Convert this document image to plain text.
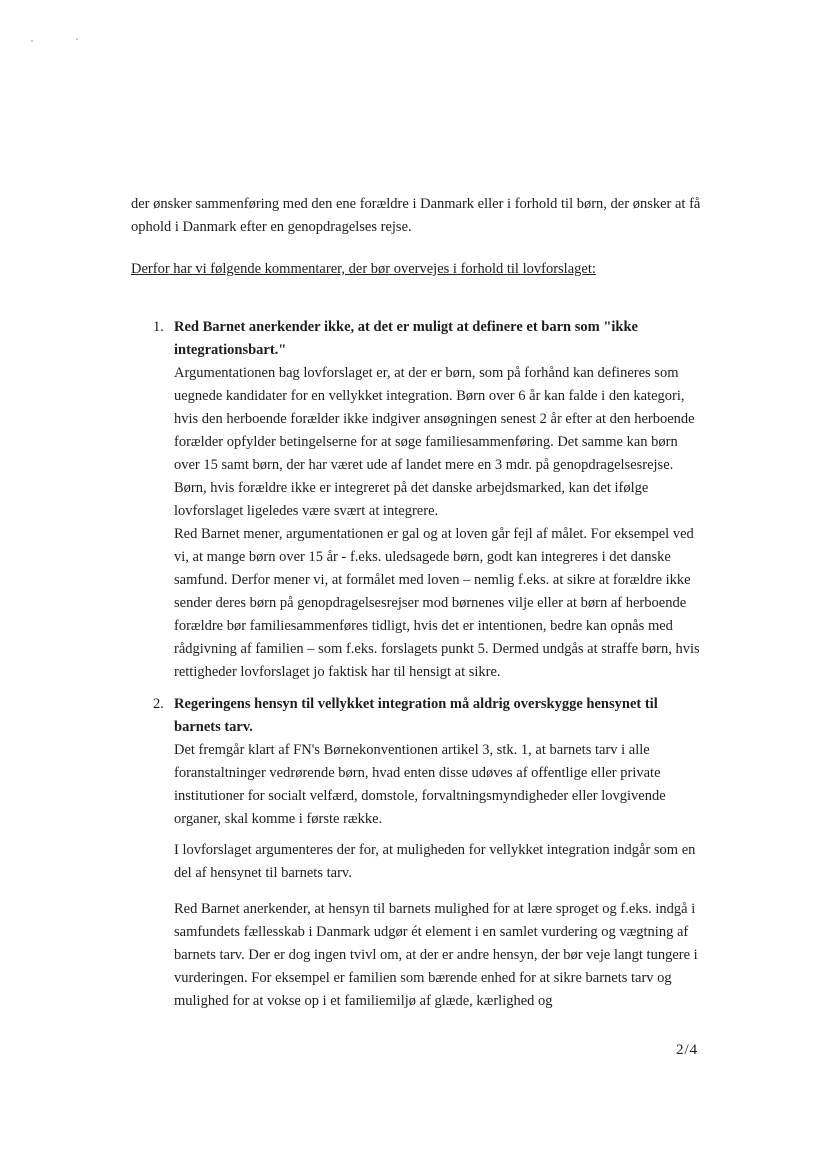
der ønsker sammenføring med den ene forældre i Danmark eller i forhold til børn, der ønsker at få ophold i Danmark efter en genopdragelses rejse.

Derfor har vi følgende kommentarer, der bør overvejes i forhold til lovforslaget:

1. Red Barnet anerkender ikke, at det er muligt at definere et barn som "ikke integrationsbart."

Argumentationen bag lovforslaget er, at der er børn, som på forhånd kan defineres som uegnede kandidater for en vellykket integration. Børn over 6 år kan falde i den kategori, hvis den herboende forælder ikke indgiver ansøgningen senest 2 år efter at den herboende forælder opfylder betingelserne for at søge familiesammenføring. Det samme kan børn over 15 samt børn, der har været ude af landet mere en 3 mdr. på genopdragelsesrejse. Børn, hvis forældre ikke er integreret på det danske arbejdsmarked, kan det ifølge lovforslaget ligeledes være svært at integrere.

Red Barnet mener, argumentationen er gal og at loven går fejl af målet. For eksempel ved vi, at mange børn over 15 år - f.eks. uledsagede børn, godt kan integreres i det danske samfund. Derfor mener vi, at formålet med loven – nemlig f.eks. at sikre at forældre ikke sender deres børn på genopdragelsesrejser mod børnenes vilje eller at børn af herboende forældre bør familiesammenføres tidligt, hvis det er intentionen, bedre kan opnås med rådgivning af familien – som f.eks. forslagets punkt 5. Dermed undgås at straffe børn, hvis rettigheder lovforslaget jo faktisk har til hensigt at sikre.

2. Regeringens hensyn til vellykket integration må aldrig overskygge hensynet til barnets tarv.

Det fremgår klart af FN's Børnekonventionen artikel 3, stk. 1, at barnets tarv i alle foranstaltninger vedrørende børn, hvad enten disse udøves af offentlige eller private institutioner for socialt velfærd, domstole, forvaltningsmyndigheder eller lovgivende organer, skal komme i første række.

I lovforslaget argumenteres der for, at muligheden for vellykket integration indgår som en del af hensynet til barnets tarv.

Red Barnet anerkender, at hensyn til barnets mulighed for at lære sproget og f.eks. indgå i samfundets fællesskab i Danmark udgør ét element i en samlet vurdering og vægtning af barnets tarv. Der er dog ingen tvivl om, at der er andre hensyn, der bør veje langt tungere i vurderingen. For eksempel er familien som bærende enhed for at sikre barnets tarv og mulighed for at vokse op i et familiemiljø af glæde, kærlighed og

2/4
